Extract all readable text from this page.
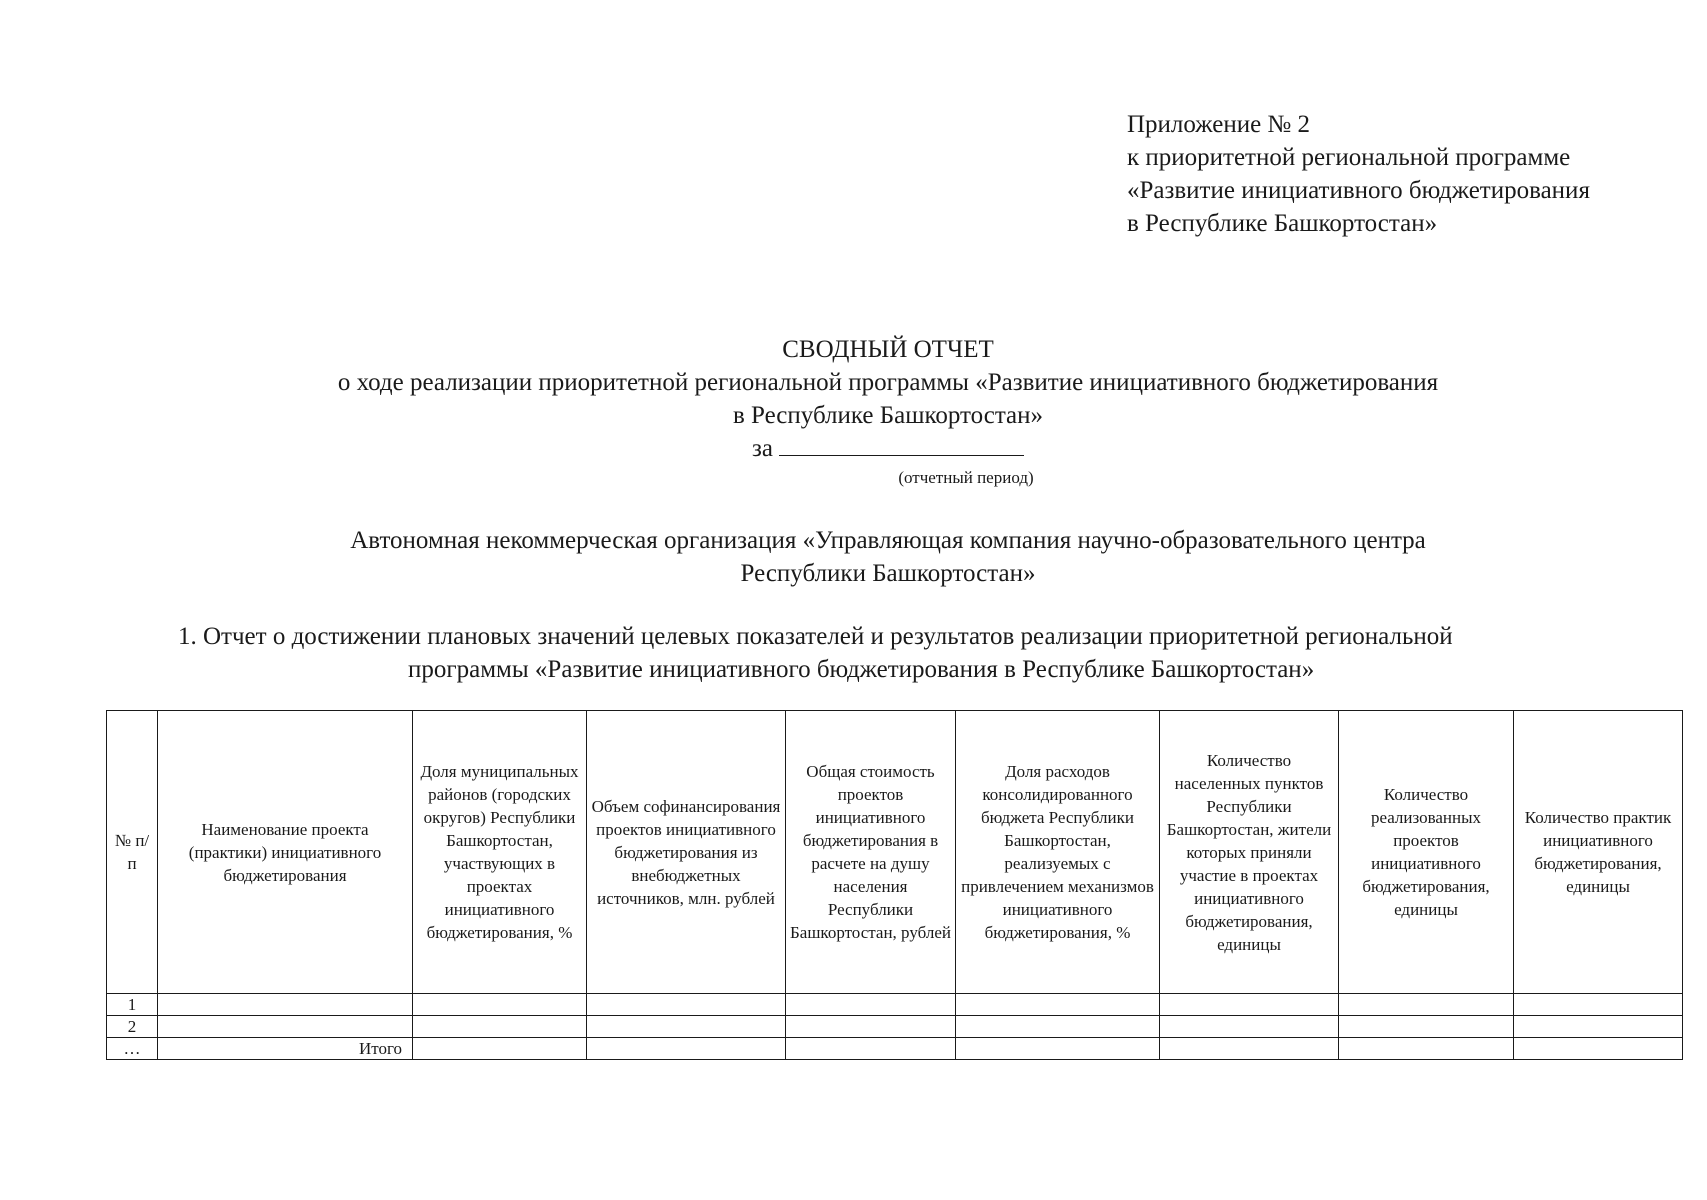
Приложение № 2
к приоритетной региональной программе
«Развитие инициативного бюджетирования
в Республике Башкортостан»
СВОДНЫЙ ОТЧЕТ
о ходе реализации приоритетной региональной программы «Развитие инициативного бюджетирования
в Республике Башкортостан»
за
(отчетный период)
Автономная некоммерческая организация «Управляющая компания научно-образовательного центра
Республики Башкортостан»
1. Отчет о достижении плановых значений целевых показателей и результатов реализации приоритетной региональной
программы «Развитие инициативного бюджетирования в Республике Башкортостан»
№ п/п	Наименование проекта (практики) инициативного бюджетирования	Доля муниципальных районов (городских округов) Республики Башкортостан, участвующих в проектах инициативного бюджетирования, %	Объем софинансирования проектов инициативного бюджетирования из внебюджетных источников, млн. рублей	Общая стоимость проектов инициативного бюджетирования в расчете на душу населения Республики Башкортостан, рублей	Доля расходов консолидированного бюджета Республики Башкортостан, реализуемых с привлечением механизмов инициативного бюджетирования, %	Количество населенных пунктов Республики Башкортостан, жители которых приняли участие в проектах инициативного бюджетирования, единицы	Количество реализованных проектов инициативного бюджетирования, единицы	Количество практик инициативного бюджетирования, единицы
1								
2								
…	Итого							
